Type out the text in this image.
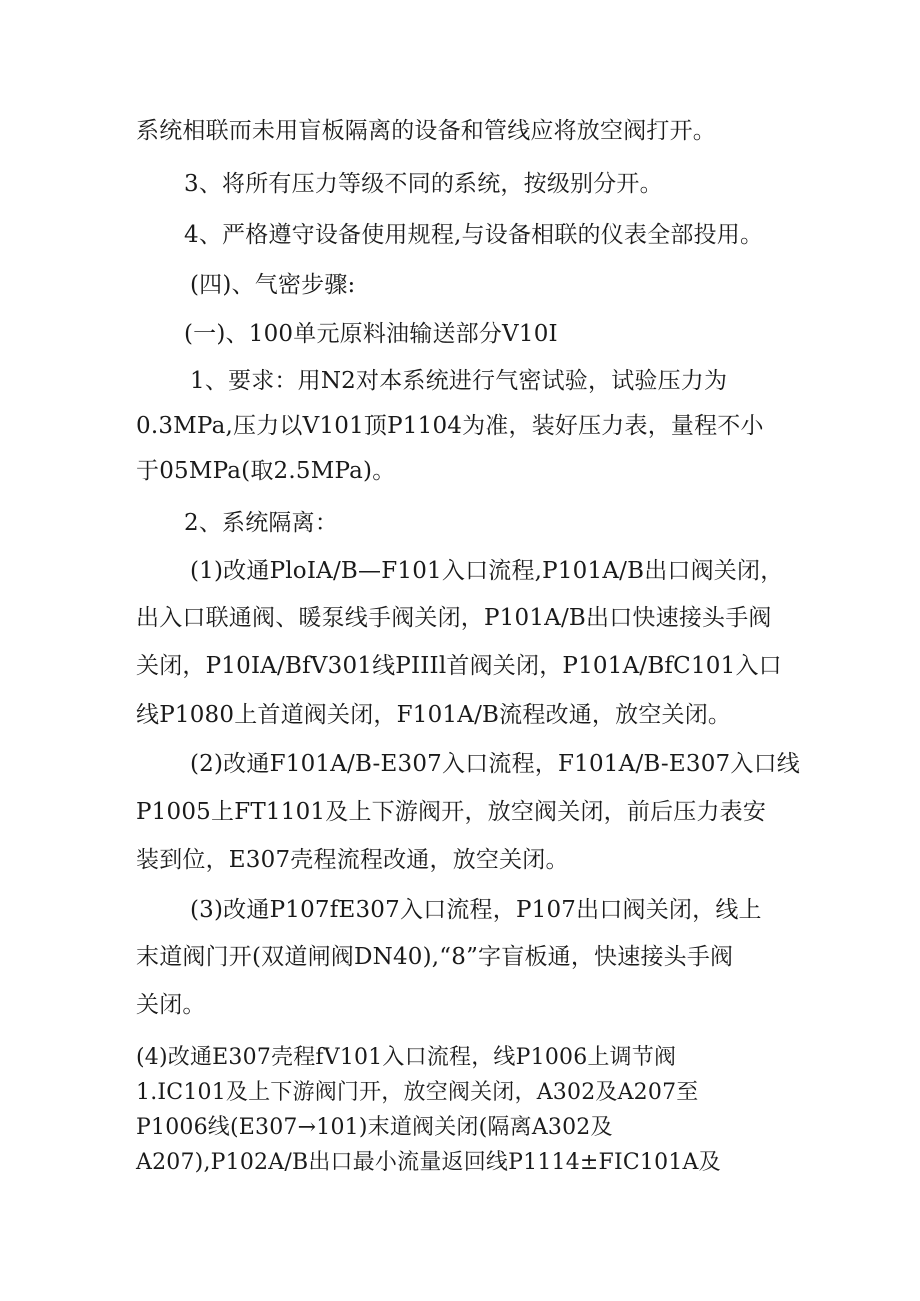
系统相联而未用盲板隔离的设备和管线应将放空阀打开。
3、将所有压力等级不同的系统，按级别分开。
4、严格遵守设备使用规程,与设备相联的仪表全部投用。
(四)、气密步骤:
(一)、100单元原料油输送部分V10I
1、要求：用N2对本系统进行气密试验，试验压力为
0.3MPa,压力以V101顶P1104为准，装好压力表，量程不小
于05MPa(取2.5MPa)。
2、系统隔离：
(1)改通PloIA/B—F101入口流程,P101A/B出口阀关闭，
出入口联通阀、暖泵线手阀关闭，P101A/B出口快速接头手阀
关闭，P10IA/BfV301线PIIIl首阀关闭，P101A/BfC101入口
线P1080上首道阀关闭，F101A/B流程改通，放空关闭。
(2)改通F101A/B-E307入口流程，F101A/B-E307入口线
P1005上FT1101及上下游阀开，放空阀关闭，前后压力表安
装到位，E307壳程流程改通，放空关闭。
(3)改通P107fE307入口流程，P107出口阀关闭，线上
末道阀门开(双道闸阀DN40),“8”字盲板通，快速接头手阀
关闭。
(4)改通E307壳程fV101入口流程，线P1006上调节阀
1.IC101及上下游阀门开，放空阀关闭，A302及A207至
P1006线(E307→101)末道阀关闭(隔离A302及
A207),P102A/B出口最小流量返回线P1114±FIC101A及
